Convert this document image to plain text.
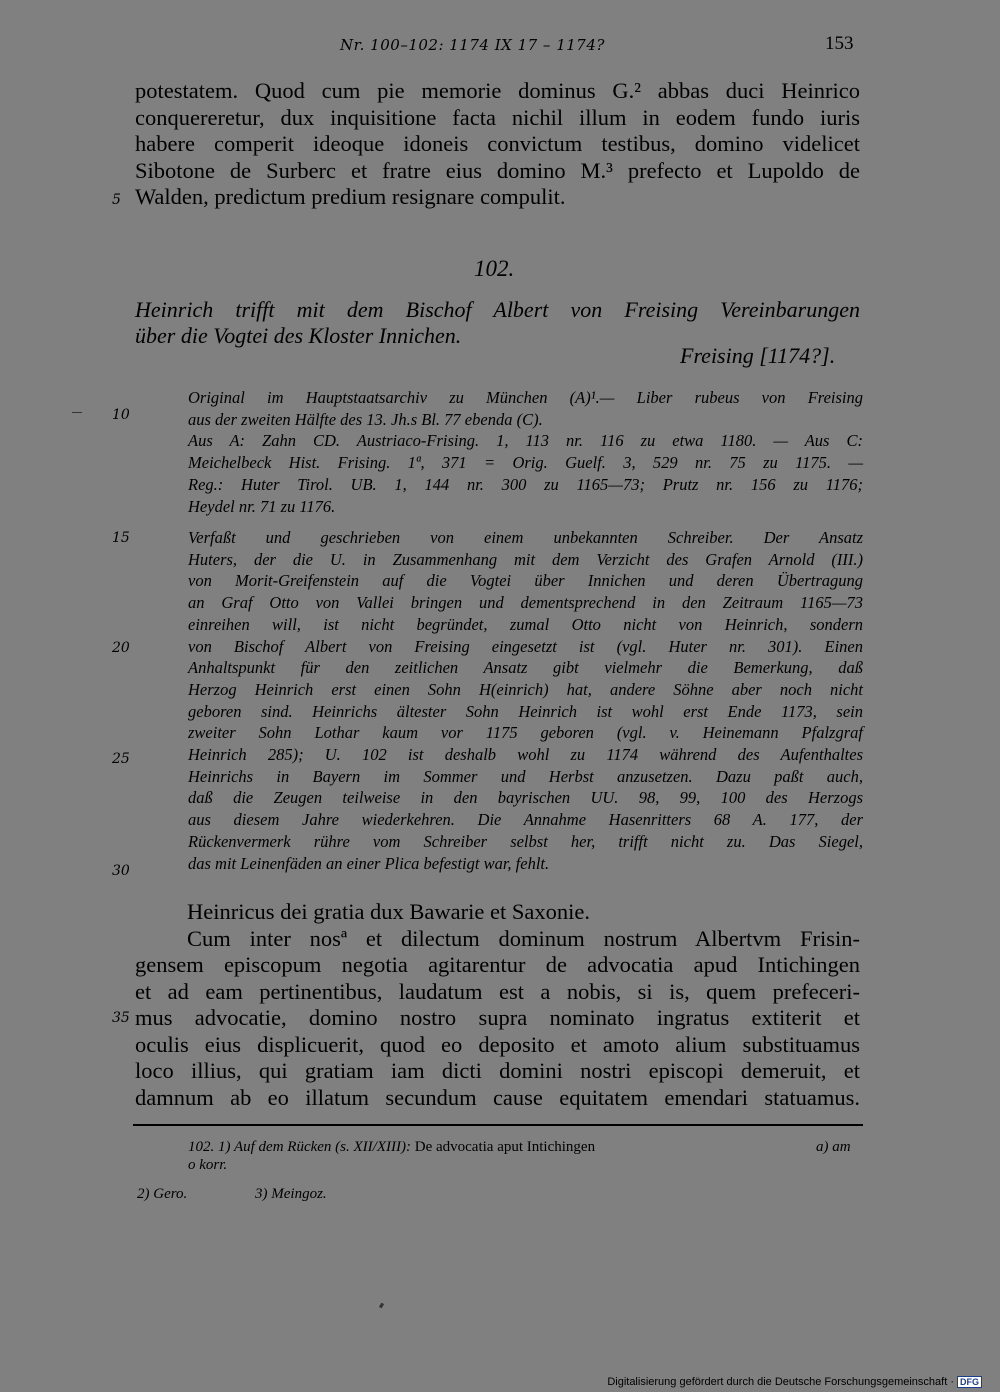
Nr. 100–102: 1174 IX 17 – 1174?	153
potestatem. Quod cum pie memorie dominus G.² abbas duci Heinrico
conquereretur, dux inquisitione facta nichil illum in eodem fundo iuris
habere comperit ideoque idoneis convictum testibus, domino videlicet
Sibotone de Surberc et fratre eius domino M.³ prefecto et Lupoldo de
Walden, predictum predium resignare compulit.
5
102.
Heinrich trifft mit dem Bischof Albert von Freising Vereinbarungen
über die Vogtei des Kloster Innichen.
Freising [1174?].
Original im Hauptstaatsarchiv zu München (A)¹.— Liber rubeus von Freising
aus der zweiten Hälfte des 13. Jh.s Bl. 77 ebenda (C).
Aus A: Zahn CD. Austriaco-Frising. 1, 113 nr. 116 zu etwa 1180. — Aus C:
Meichelbeck Hist. Frising. 1ª, 371 = Orig. Guelf. 3, 529 nr. 75 zu 1175. —
Reg.: Huter Tirol. UB. 1, 144 nr. 300 zu 1165—73; Prutz nr. 156 zu 1176;
Heydel nr. 71 zu 1176.
10
Verfaßt und geschrieben von einem unbekannten Schreiber. Der Ansatz
Huters, der die U. in Zusammenhang mit dem Verzicht des Grafen Arnold (III.)
von Morit-Greifenstein auf die Vogtei über Innichen und deren Übertragung
an Graf Otto von Vallei bringen und dementsprechend in den Zeitraum 1165—73
einreihen will, ist nicht begründet, zumal Otto nicht von Heinrich, sondern
von Bischof Albert von Freising eingesetzt ist (vgl. Huter nr. 301). Einen
Anhaltspunkt für den zeitlichen Ansatz gibt vielmehr die Bemerkung, daß
Herzog Heinrich erst einen Sohn H(einrich) hat, andere Söhne aber noch nicht
geboren sind. Heinrichs ältester Sohn Heinrich ist wohl erst Ende 1173, sein
zweiter Sohn Lothar kaum vor 1175 geboren (vgl. v. Heinemann Pfalzgraf
Heinrich 285); U. 102 ist deshalb wohl zu 1174 während des Aufenthaltes
Heinrichs in Bayern im Sommer und Herbst anzusetzen. Dazu paßt auch,
daß die Zeugen teilweise in den bayrischen UU. 98, 99, 100 des Herzogs
aus diesem Jahre wiederkehren. Die Annahme Hasenritters 68 A. 177, der
Rückenvermerk rühre vom Schreiber selbst her, trifft nicht zu. Das Siegel,
das mit Leinenfäden an einer Plica befestigt war, fehlt.
15
20
25
30
Heinricus dei gratia dux Bawarie et Saxonie.
Cum inter nosª et dilectum dominum nostrum Albertvm Frisin-
gensem episcopum negotia agitarentur de advocatia apud Intichingen
et ad eam pertinentibus, laudatum est a nobis, si is, quem prefeceri-
mus advocatie, domino nostro supra nominato ingratus extiterit et
oculis eius displicuerit, quod eo deposito et amoto alium substituamus
loco illius, qui gratiam iam dicti domini nostri episcopi demeruit, et
damnum ab eo illatum secundum cause equitatem emendari statuamus.
35
102. 1) Auf dem Rücken (s. XII/XIII): De advocatia aput Intichingen	a) am
o korr.
2) Gero.	3) Meingoz.
Digitalisierung gefördert durch die Deutsche Forschungsgemeinschaft · DFG
